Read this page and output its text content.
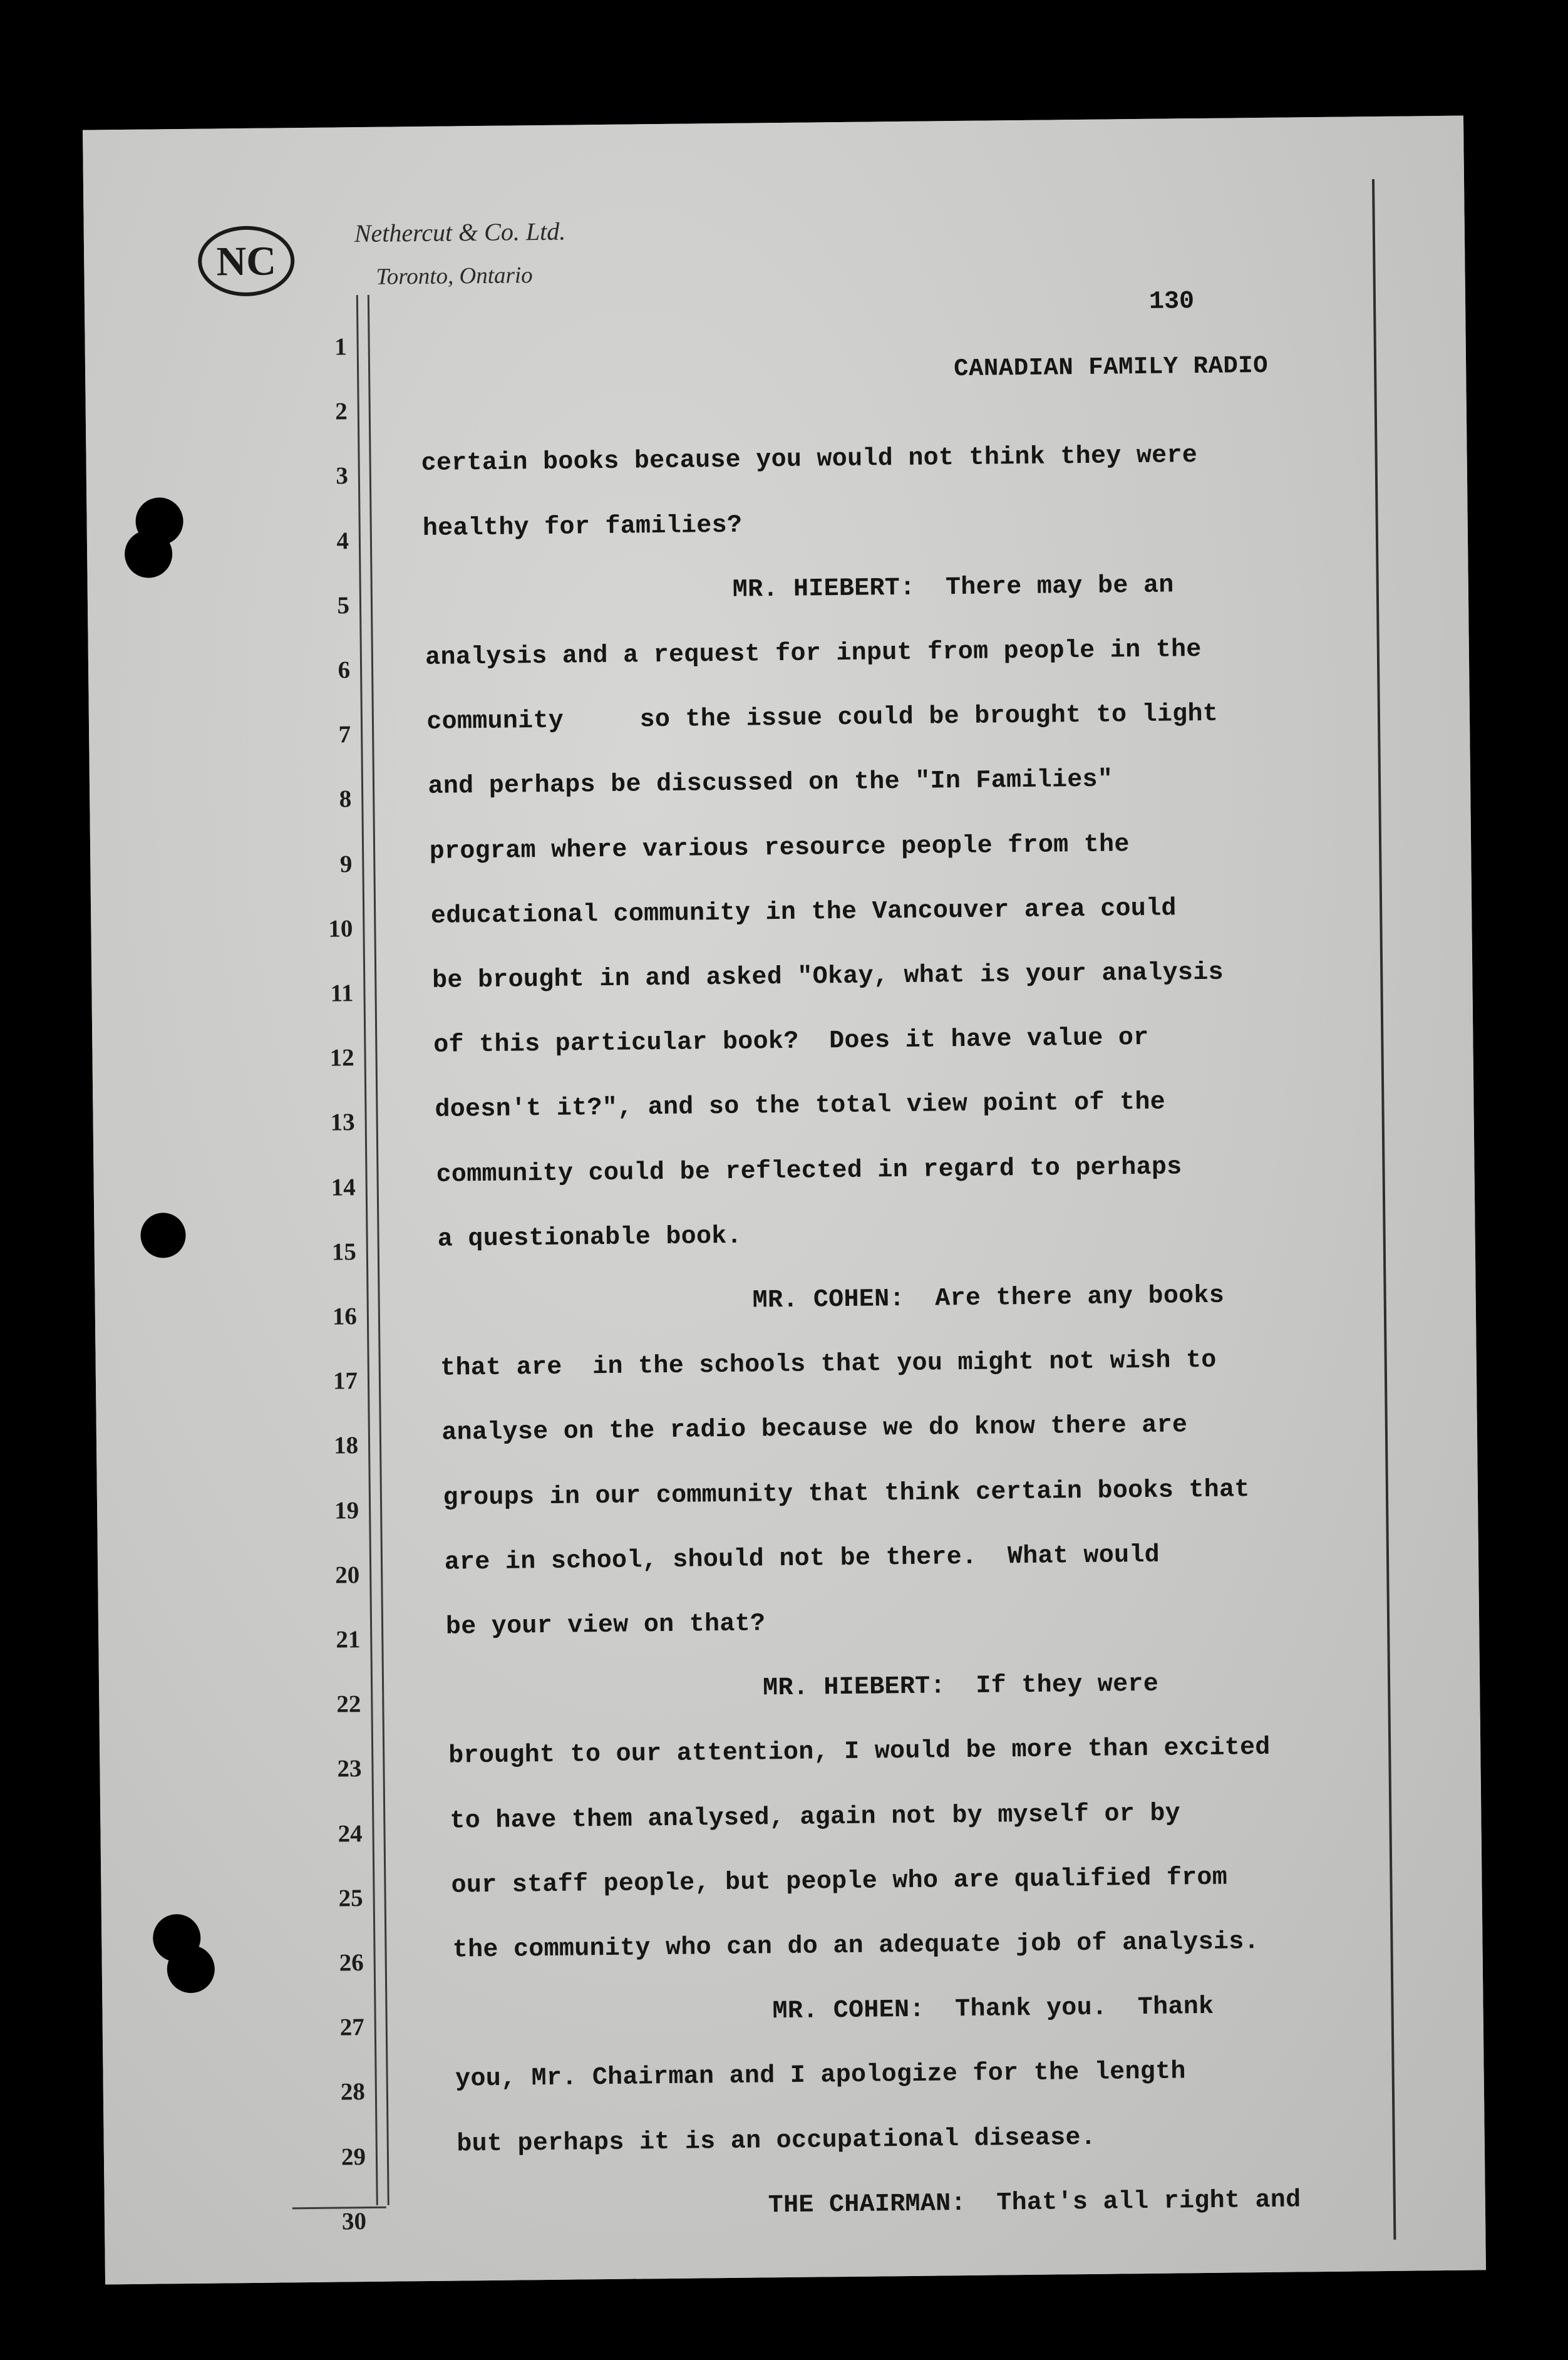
NC
Nethercut & Co. Ltd.
Toronto, Ontario
130
CANADIAN FAMILY RADIO
1
2
3
4
5
6
7
8
9
10
11
12
13
14
15
16
17
18
19
20
21
22
23
24
25
26
27
28
29
30
certain books because you would not think they were
healthy for families?
MR. HIEBERT:  There may be an
analysis and a request for input from people in the
community     so the issue could be brought to light
and perhaps be discussed on the "In Families"
program where various resource people from the
educational community in the Vancouver area could
be brought in and asked "Okay, what is your analysis
of this particular book?  Does it have value or
doesn't it?", and so the total view point of the
community could be reflected in regard to perhaps
a questionable book.
MR. COHEN:  Are there any books
that are  in the schools that you might not wish to
analyse on the radio because we do know there are
groups in our community that think certain books that
are in school, should not be there.  What would
be your view on that?
MR. HIEBERT:  If they were
brought to our attention, I would be more than excited
to have them analysed, again not by myself or by
our staff people, but people who are qualified from
the community who can do an adequate job of analysis.
MR. COHEN:  Thank you.  Thank
you, Mr. Chairman and I apologize for the length
but perhaps it is an occupational disease.
THE CHAIRMAN:  That's all right and
